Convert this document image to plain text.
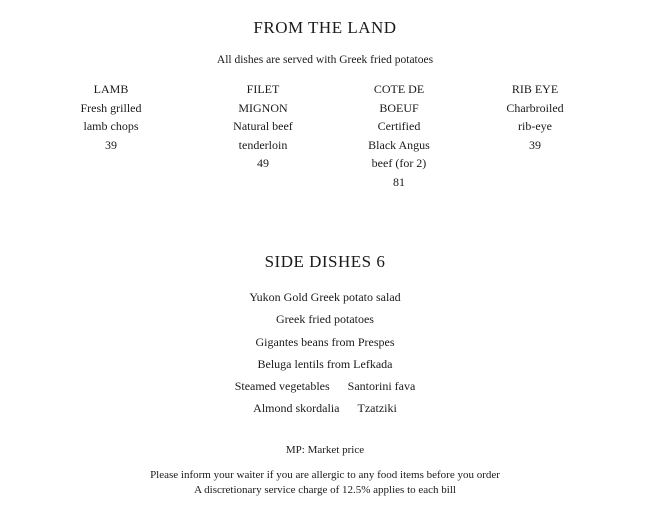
FROM THE LAND
All dishes are served with Greek fried potatoes
LAMB
Fresh grilled lamb chops
39
FILET MIGNON
Natural beef tenderloin
49
COTE DE BOEUF
Certified Black Angus beef (for 2)
81
RIB EYE
Charbroiled rib-eye
39
SIDE DISHES 6
Yukon Gold Greek potato salad
Greek fried potatoes
Gigantes beans from Prespes
Beluga lentils from Lefkada
Steamed vegetables Santorini fava
Almond skordalia Tzatziki
MP: Market price
Please inform your waiter if you are allergic to any food items before you order
A discretionary service charge of 12.5% applies to each bill
